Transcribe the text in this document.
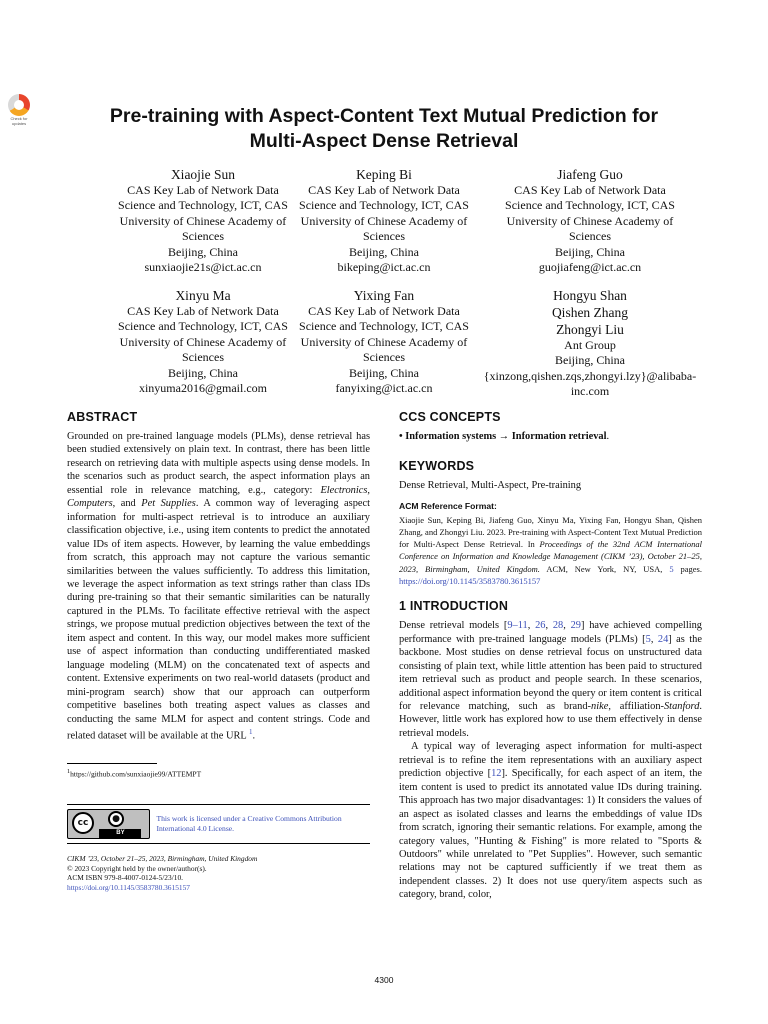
Check for
updates	Pre-training with Aspect-Content Text Mutual Prediction for
Multi-Aspect Dense Retrieval
Xiaojie Sun
CAS Key Lab of Network Data
Science and Technology, ICT, CAS
University of Chinese Academy of
Sciences
Beijing, China
sunxiaojie21s@ict.ac.cn
Keping Bi
CAS Key Lab of Network Data
Science and Technology, ICT, CAS
University of Chinese Academy of
Sciences
Beijing, China
bikeping@ict.ac.cn
Jiafeng Guo
CAS Key Lab of Network Data
Science and Technology, ICT, CAS
University of Chinese Academy of
Sciences
Beijing, China
guojiafeng@ict.ac.cn
Xinyu Ma
CAS Key Lab of Network Data
Science and Technology, ICT, CAS
University of Chinese Academy of
Sciences
Beijing, China
xinyuma2016@gmail.com
Yixing Fan
CAS Key Lab of Network Data
Science and Technology, ICT, CAS
University of Chinese Academy of
Sciences
Beijing, China
fanyixing@ict.ac.cn
Hongyu Shan
Qishen Zhang
Zhongyi Liu
Ant Group
Beijing, China
{xinzong,qishen.zqs,zhongyi.lzy}@alibaba-
inc.com
ABSTRACT

Grounded on pre-trained language models (PLMs), dense retrieval has been studied extensively on plain text. In contrast, there has been little research on retrieving data with multiple aspects using dense models. In the scenarios such as product search, the aspect information plays an essential role in relevance matching, e.g., category: Electronics, Computers, and Pet Supplies. A common way of leveraging aspect information for multi-aspect retrieval is to introduce an auxiliary classification objective, i.e., using item contents to predict the annotated value IDs of item aspects. However, by learning the value embeddings from scratch, this approach may not capture the various semantic similarities between the values sufficiently. To address this limitation, we leverage the aspect information as text strings rather than class IDs during pre-training so that their semantic similarities can be naturally captured in the PLMs. To facilitate effective retrieval with the aspect strings, we propose mutual prediction objectives between the text of the item aspect and content. In this way, our model makes more sufficient use of aspect information than conducting undifferentiated masked language modeling (MLM) on the concatenated text of aspects and content. Extensive experiments on two real-world datasets (product and mini-program search) show that our approach can outperform competitive baselines both treating aspect values as classes and conducting the same MLM for aspect and content strings. Code and related dataset will be available at the URL $^1$.

$^1$https://github.com/sunxiaojie99/ATTEMPT

cc	●
BY

This work is licensed under a Creative Commons Attribution International 4.0 License.

CIKM ’23, October 21–25, 2023, Birmingham, United Kingdom
© 2023 Copyright held by the owner/author(s).
ACM ISBN 979-8-4007-0124-5/23/10.
https://doi.org/10.1145/3583780.3615157

CCS CONCEPTS

• Information systems → Information retrieval.

KEYWORDS

Dense Retrieval, Multi-Aspect, Pre-training

ACM Reference Format:

Xiaojie Sun, Keping Bi, Jiafeng Guo, Xinyu Ma, Yixing Fan, Hongyu Shan, Qishen Zhang, and Zhongyi Liu. 2023. Pre-training with Aspect-Content Text Mutual Prediction for Multi-Aspect Dense Retrieval. In Proceedings of the 32nd ACM International Conference on Information and Knowledge Management (CIKM ’23), October 21–25, 2023, Birmingham, United Kingdom. ACM, New York, NY, USA, 5 pages. https://doi.org/10.1145/3583780.3615157

1 INTRODUCTION

Dense retrieval models [9–11, 26, 28, 29] have achieved compelling performance with pre-trained language models (PLMs) [5, 24] as the backbone. Most studies on dense retrieval focus on unstructured data consisting of plain text, while little attention has been paid to structured item retrieval such as product and people search. In these scenarios, additional aspect information beyond the query or item content is critical for relevance matching, such as brand-nike, affiliation-Stanford. However, little work has explored how to use them effectively in dense retrieval models.

A typical way of leveraging aspect information for multi-aspect retrieval is to refine the item representations with an auxiliary aspect prediction objective [12]. Specifically, for each aspect of an item, the item content is used to predict its annotated value IDs during training. This approach has two major disadvantages: 1) It considers the values of an aspect as isolated classes and learns the embeddings of value IDs from scratch, ignoring their semantic relations. For example, among the category values, "Hunting & Fishing" is more related to "Sports & Outdoors" while unrelated to "Pet Supplies". However, such semantic relations may not be captured sufficiently if we treat them as independent classes. 2) It does not use query/item aspects such as category, brand, color,

4300
